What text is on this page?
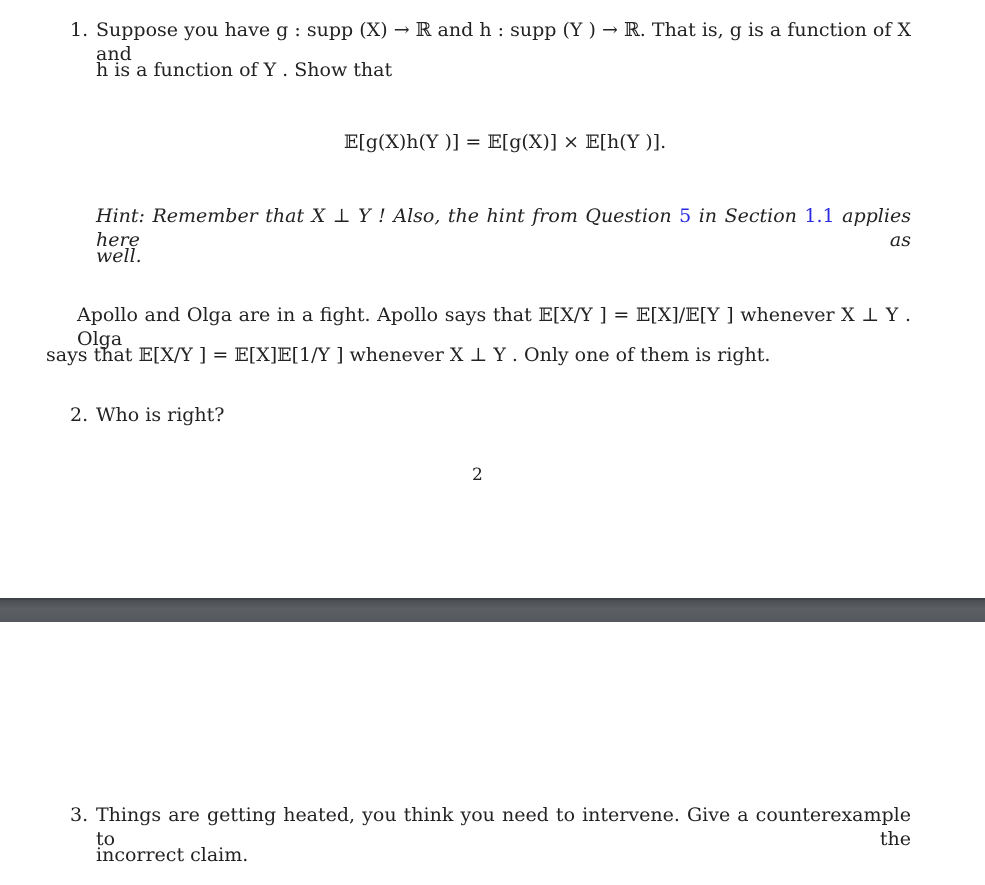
1. Suppose you have g : supp (X) → ℝ and h : supp (Y ) → ℝ. That is, g is a function of X and
h is a function of Y . Show that
𝔼[g(X)h(Y )] = 𝔼[g(X)] × 𝔼[h(Y )].
Hint: Remember that X ⊥ Y ! Also, the hint from Question 5 in Section 1.1 applies here as
well.
Apollo and Olga are in a fight. Apollo says that 𝔼[X/Y ] = 𝔼[X]/𝔼[Y ] whenever X ⊥ Y . Olga
says that 𝔼[X/Y ] = 𝔼[X]𝔼[1/Y ] whenever X ⊥ Y . Only one of them is right.
2. Who is right?
2
3. Things are getting heated, you think you need to intervene. Give a counterexample to the
incorrect claim.
